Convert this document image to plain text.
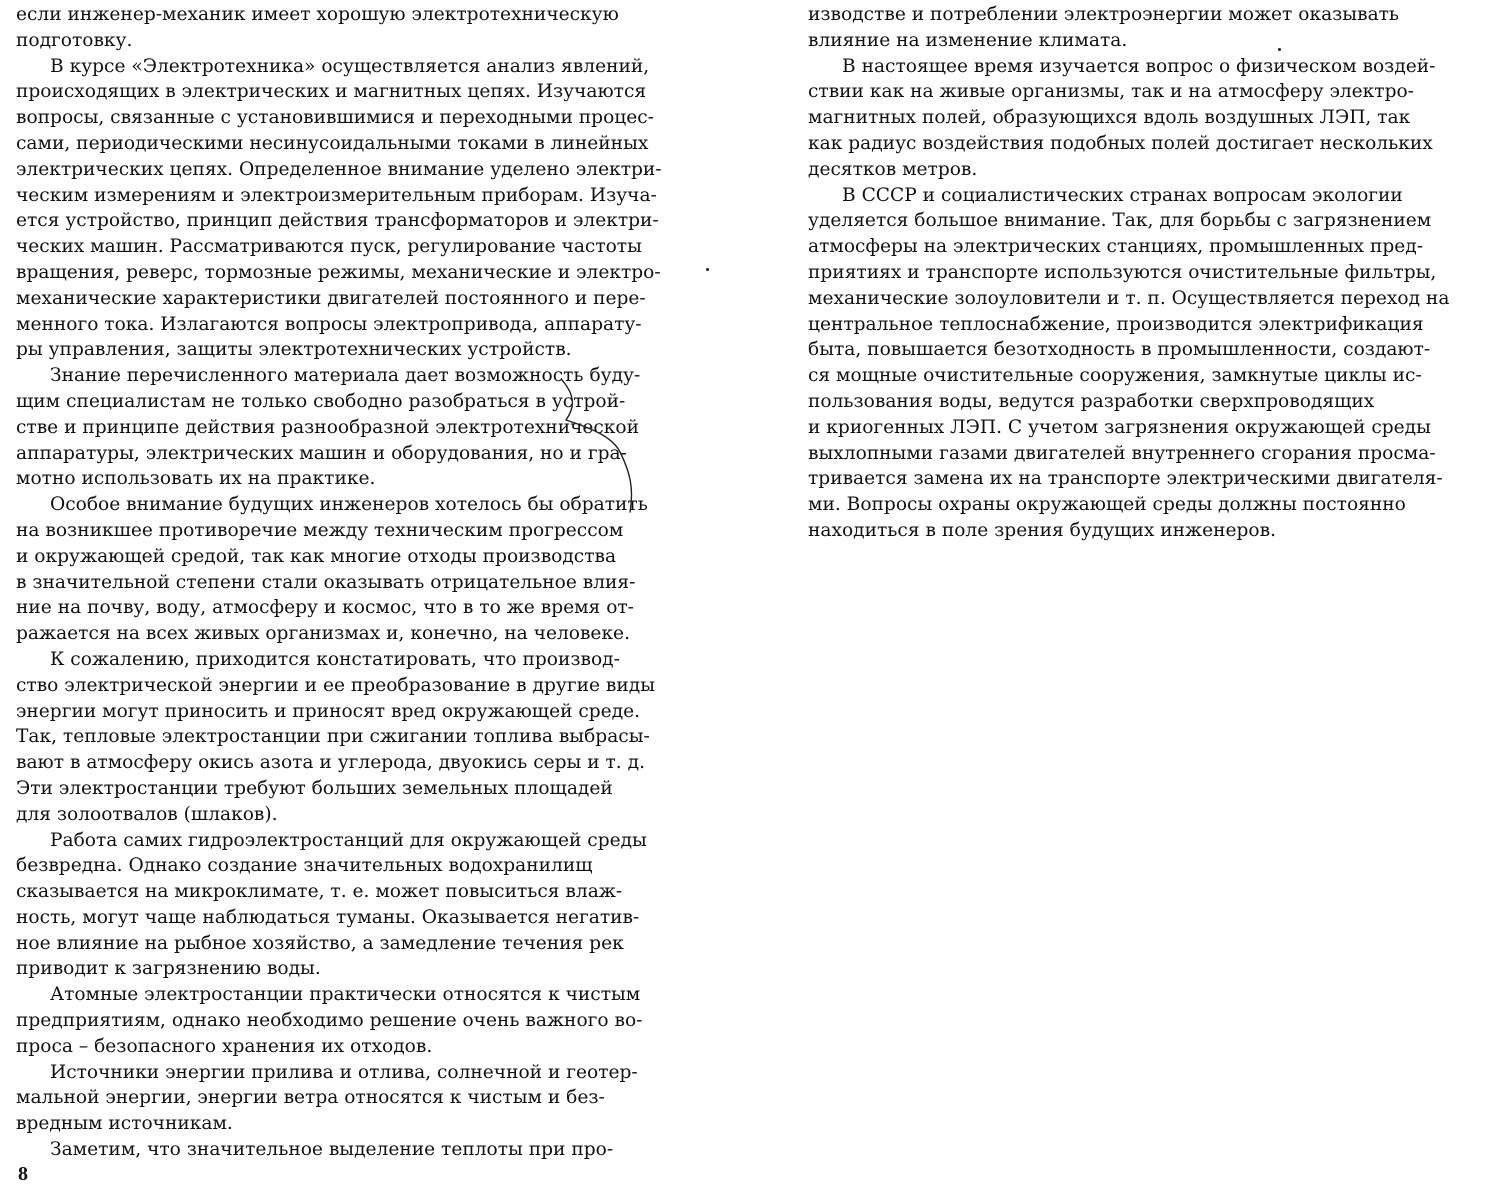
если инженер-механик имеет хорошую электротехническую
подготовку.

В курсе «Электротехника» осуществляется анализ явлений,
происходящих в электрических и магнитных цепях. Изучаются
вопросы, связанные с установившимися и переходными процес-
сами, периодическими несинусоидальными токами в линейных
электрических цепях. Определенное внимание уделено электри-
ческим измерениям и электроизмерительным приборам. Изуча-
ется устройство, принцип действия трансформаторов и электри-
ческих машин. Рассматриваются пуск, регулирование частоты
вращения, реверс, тормозные режимы, механические и электро-
механические характеристики двигателей постоянного и пере-
менного тока. Излагаются вопросы электропривода, аппарату-
ры управления, защиты электротехнических устройств.

Знание перечисленного материала дает возможность буду-
щим специалистам не только свободно разобраться в устрой-
стве и принципе действия разнообразной электротехнической
аппаратуры, электрических машин и оборудования, но и гра-
мотно использовать их на практике.

Особое внимание будущих инженеров хотелось бы обратить
на возникшее противоречие между техническим прогрессом
и окружающей средой, так как многие отходы производства
в значительной степени стали оказывать отрицательное влия-
ние на почву, воду, атмосферу и космос, что в то же время от-
ражается на всех живых организмах и, конечно, на человеке.

К сожалению, приходится констатировать, что производ-
ство электрической энергии и ее преобразование в другие виды
энергии могут приносить и приносят вред окружающей среде.
Так, тепловые электростанции при сжигании топлива выбрасы-
вают в атмосферу окись азота и углерода, двуокись серы и т. д.
Эти электростанции требуют больших земельных площадей
для золоотвалов (шлаков).

Работа самих гидроэлектростанций для окружающей среды
безвредна. Однако создание значительных водохранилищ
сказывается на микроклимате, т. е. может повыситься влаж-
ность, могут чаще наблюдаться туманы. Оказывается негатив-
ное влияние на рыбное хозяйство, а замедление течения рек
приводит к загрязнению воды.

Атомные электростанции практически относятся к чистым
предприятиям, однако необходимо решение очень важного во-
проса – безопасного хранения их отходов.

Источники энергии прилива и отлива, солнечной и геотер-
мальной энергии, энергии ветра относятся к чистым и без-
вредным источникам.

Заметим, что значительное выделение теплоты при про-

изводстве и потреблении электроэнергии может оказывать
влияние на изменение климата.

В настоящее время изучается вопрос о физическом воздей-
ствии как на живые организмы, так и на атмосферу электро-
магнитных полей, образующихся вдоль воздушных ЛЭП, так
как радиус воздействия подобных полей достигает нескольких
десятков метров.

В СССР и социалистических странах вопросам экологии
уделяется большое внимание. Так, для борьбы с загрязнением
атмосферы на электрических станциях, промышленных пред-
приятиях и транспорте используются очистительные фильтры,
механические золоуловители и т. п. Осуществляется переход на
центральное теплоснабжение, производится электрификация
быта, повышается безотходность в промышленности, создают-
ся мощные очистительные сооружения, замкнутые циклы ис-
пользования воды, ведутся разработки сверхпроводящих
и криогенных ЛЭП. С учетом загрязнения окружающей среды
выхлопными газами двигателей внутреннего сгорания просма-
тривается замена их на транспорте электрическими двигателя-
ми. Вопросы охраны окружающей среды должны постоянно
находиться в поле зрения будущих инженеров.

8
